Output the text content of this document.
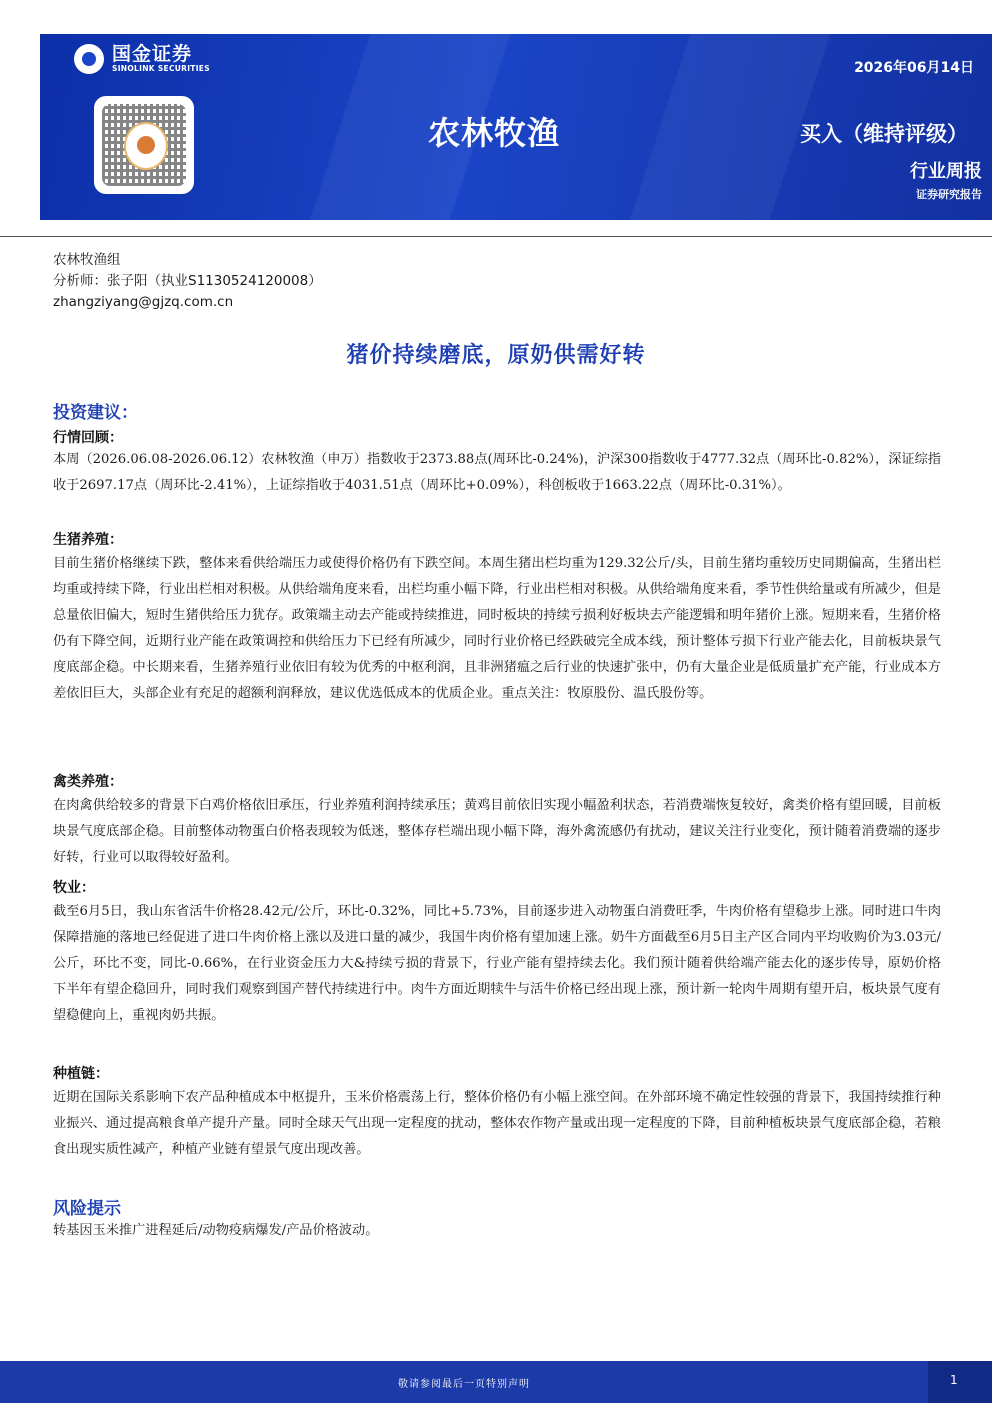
国金证券
SINOLINK SECURITIES
农林牧渔
2026年06月14日
买入（维持评级）
行业周报
证券研究报告
农林牧渔组
分析师：张子阳（执业S1130524120008）
zhangziyang@gjzq.com.cn
猪价持续磨底，原奶供需好转
投资建议：
行情回顾：
本周（2026.06.08-2026.06.12）农林牧渔（申万）指数收于2373.88点(周环比-0.24%)，沪深300指数收于4777.32点（周环比-0.82%），深证综指收于2697.17点（周环比-2.41%），上证综指收于4031.51点（周环比+0.09%），科创板收于1663.22点（周环比-0.31%）。
生猪养殖：
目前生猪价格继续下跌，整体来看供给端压力或使得价格仍有下跌空间。本周生猪出栏均重为129.32公斤/头，目前生猪均重较历史同期偏高，生猪出栏均重或持续下降，行业出栏相对积极。从供给端角度来看，出栏均重小幅下降，行业出栏相对积极。从供给端角度来看，季节性供给量或有所减少，但是总量依旧偏大，短时生猪供给压力犹存。政策端主动去产能或持续推进，同时板块的持续亏损利好板块去产能逻辑和明年猪价上涨。短期来看，生猪价格仍有下降空间，近期行业产能在政策调控和供给压力下已经有所减少，同时行业价格已经跌破完全成本线，预计整体亏损下行业产能去化，目前板块景气度底部企稳。中长期来看，生猪养殖行业依旧有较为优秀的中枢利润，且非洲猪瘟之后行业的快速扩张中，仍有大量企业是低质量扩充产能，行业成本方差依旧巨大，头部企业有充足的超额利润释放，建议优选低成本的优质企业。重点关注：牧原股份、温氏股份等。
禽类养殖：
在肉禽供给较多的背景下白鸡价格依旧承压，行业养殖利润持续承压；黄鸡目前依旧实现小幅盈利状态，若消费端恢复较好，禽类价格有望回暖，目前板块景气度底部企稳。目前整体动物蛋白价格表现较为低迷，整体存栏端出现小幅下降，海外禽流感仍有扰动，建议关注行业变化，预计随着消费端的逐步好转，行业可以取得较好盈利。
牧业：
截至6月5日，我山东省活牛价格28.42元/公斤，环比-0.32%，同比+5.73%，目前逐步进入动物蛋白消费旺季，牛肉价格有望稳步上涨。同时进口牛肉保障措施的落地已经促进了进口牛肉价格上涨以及进口量的减少，我国牛肉价格有望加速上涨。奶牛方面截至6月5日主产区合同内平均收购价为3.03元/公斤，环比不变，同比-0.66%，在行业资金压力大&持续亏损的背景下，行业产能有望持续去化。我们预计随着供给端产能去化的逐步传导，原奶价格下半年有望企稳回升，同时我们观察到国产替代持续进行中。肉牛方面近期犊牛与活牛价格已经出现上涨，预计新一轮肉牛周期有望开启，板块景气度有望稳健向上，重视肉奶共振。
种植链：
近期在国际关系影响下农产品种植成本中枢提升，玉米价格震荡上行，整体价格仍有小幅上涨空间。在外部环境不确定性较强的背景下，我国持续推行种业振兴、通过提高粮食单产提升产量。同时全球天气出现一定程度的扰动，整体农作物产量或出现一定程度的下降，目前种植板块景气度底部企稳，若粮食出现实质性减产，种植产业链有望景气度出现改善。
风险提示
转基因玉米推广进程延后/动物疫病爆发/产品价格波动。
敬请参阅最后一页特别声明	1
